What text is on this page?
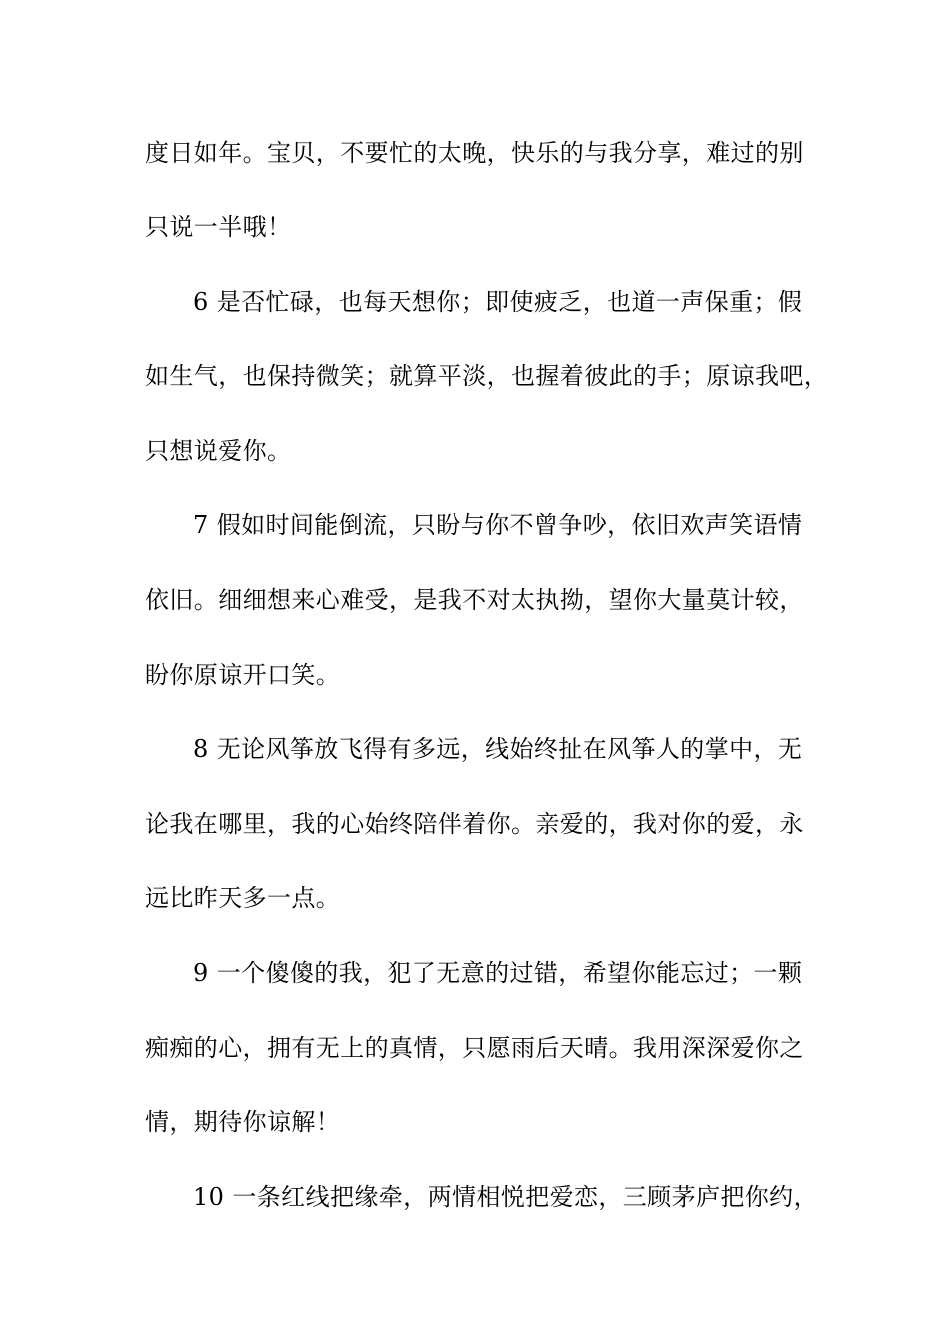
度日如年。宝贝，不要忙的太晚，快乐的与我分享，难过的别
只说一半哦！
6 是否忙碌，也每天想你；即使疲乏，也道一声保重；假
如生气，也保持微笑；就算平淡，也握着彼此的手；原谅我吧，
只想说爱你。
7 假如时间能倒流，只盼与你不曾争吵，依旧欢声笑语情
依旧。细细想来心难受，是我不对太执拗，望你大量莫计较，
盼你原谅开口笑。
8 无论风筝放飞得有多远，线始终扯在风筝人的掌中，无
论我在哪里，我的心始终陪伴着你。亲爱的，我对你的爱，永
远比昨天多一点。
9 一个傻傻的我，犯了无意的过错，希望你能忘过；一颗
痴痴的心，拥有无上的真情，只愿雨后天晴。我用深深爱你之
情，期待你谅解！
10 一条红线把缘牵，两情相悦把爱恋，三顾茅庐把你约，
